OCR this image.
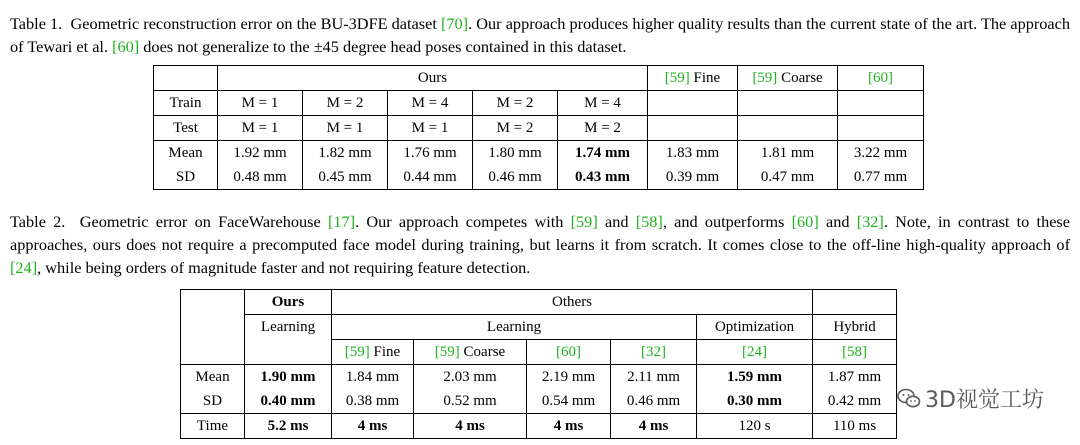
Table 1. Geometric reconstruction error on the BU-3DFE dataset [70]. Our approach produces higher quality results than the current state of the art. The approach of Tewari et al. [60] does not generalize to the ±45 degree head poses contained in this dataset.
	Ours					[59] Fine	[59] Coarse	[60]
Train	M = 1	M = 2	M = 4	M = 2	M = 4			
Test	M = 1	M = 1	M = 1	M = 2	M = 2			
Mean	1.92 mm	1.82 mm	1.76 mm	1.80 mm	1.74 mm	1.83 mm	1.81 mm	3.22 mm
SD	0.48 mm	0.45 mm	0.44 mm	0.46 mm	0.43 mm	0.39 mm	0.47 mm	0.77 mm
Table 2. Geometric error on FaceWarehouse [17]. Our approach competes with [59] and [58], and outperforms [60] and [32]. Note, in contrast to these approaches, ours does not require a precomputed face model during training, but learns it from scratch. It comes close to the off-line high-quality approach of [24], while being orders of magnitude faster and not requiring feature detection.
	Ours	Others					
	Learning	Learning				Optimization	Hybrid
		[59] Fine	[59] Coarse	[60]	[32]	[24]	[58]
Mean	1.90 mm	1.84 mm	2.03 mm	2.19 mm	2.11 mm	1.59 mm	1.87 mm
SD	0.40 mm	0.38 mm	0.52 mm	0.54 mm	0.46 mm	0.30 mm	0.42 mm
Time	5.2 ms	4 ms	4 ms	4 ms	4 ms	120 s	110 ms
3D视觉工坊
